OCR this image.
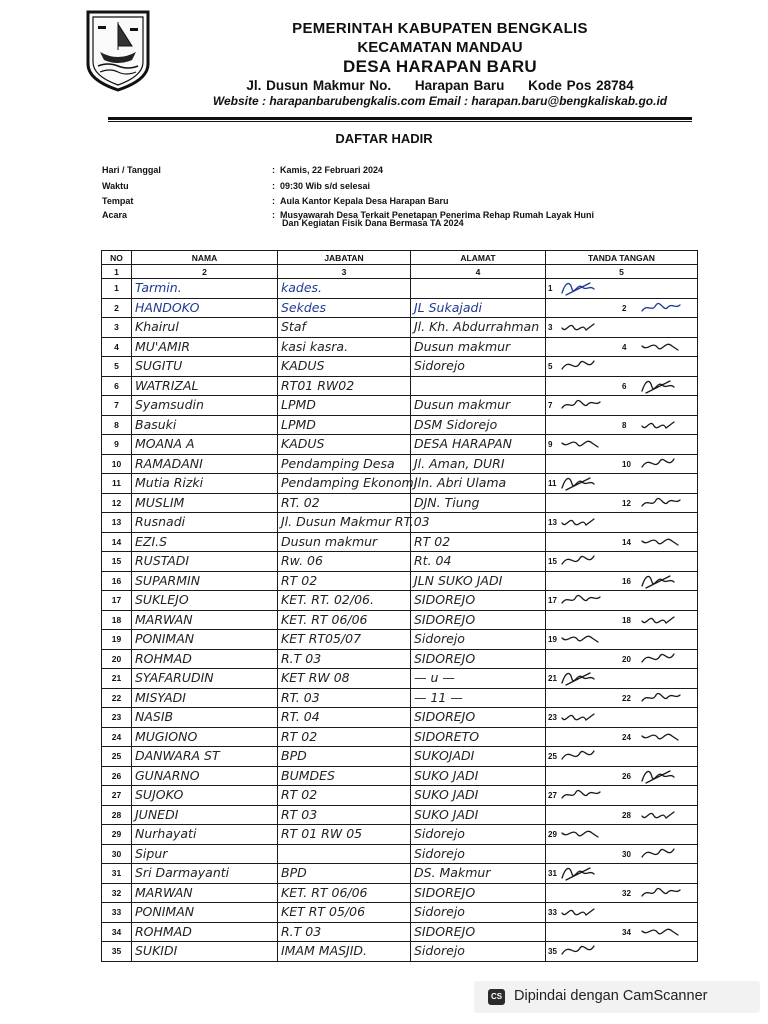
PEMERINTAH KABUPATEN BENGKALIS
KECAMATAN MANDAU
DESA HARAPAN BARU
Jl. Dusun Makmur No.     Harapan Baru     Kode Pos 28784
Website : harapanbarubengkalis.com Email : harapan.baru@bengkaliskab.go.id
DAFTAR HADIR
Hari / Tanggal	: Kamis, 22 Februari 2024
Waktu	: 09:30 Wib s/d selesai
Tempat	: Aula Kantor Kepala Desa Harapan Baru
Acara	: Musyawarah Desa Terkait Penetapan Penerima Rehap Rumah Layak Huni
Dan Kegiatan Fisik Dana Bermasa TA 2024
NO	NAMA	JABATAN	ALAMAT	TANDA TANGAN
1	2	3	4	5
1	Tarmin.	kades.		1

2	HANDOKO	Sekdes	JL Sukajadi	2

3	Khairul	Staf	Jl. Kh. Abdurrahman	3

4	MU'AMIR	kasi kasra.	Dusun makmur	4

5	SUGITU	KADUS	Sidorejo	5

6	WATRIZAL	RT01 RW02		6

7	Syamsudin	LPMD	Dusun makmur	7

8	Basuki	LPMD	DSM Sidorejo	8

9	MOANA A	KADUS	DESA HARAPAN	9

10	RAMADANI	Pendamping Desa	Jl. Aman, DURI	10

11	Mutia Rizki	Pendamping Ekonomi	Jln. Abri Ulama	11

12	MUSLIM	RT. 02	DJN. Tiung	12

13	Rusnadi	Jl. Dusun Makmur RT.03		13

14	EZI.S	Dusun makmur	RT 02	14

15	RUSTADI	Rw. 06	Rt. 04	15

16	SUPARMIN	RT 02	JLN SUKO JADI	16

17	SUKLEJO	KET. RT. 02/06.	SIDOREJO	17

18	MARWAN	KET. RT 06/06	SIDOREJO	18

19	PONIMAN	KET RT05/07	Sidorejo	19

20	ROHMAD	R.T 03	SIDOREJO	20

21	SYAFARUDIN	KET RW 08	— u —	21

22	MISYADI	RT. 03	— 11 —	22

23	NASIB	RT. 04	SIDOREJO	23

24	MUGIONO	RT 02	SIDORETO	24

25	DANWARA ST	BPD	SUKOJADI	25

26	GUNARNO	BUMDES	SUKO JADI	26

27	SUJOKO	RT 02	SUKO JADI	27

28	JUNEDI	RT 03	SUKO JADI	28

29	Nurhayati	RT 01 RW 05	Sidorejo	29

30	Sipur		Sidorejo	30

31	Sri Darmayanti	BPD	DS. Makmur	31

32	MARWAN	KET. RT 06/06	SIDOREJO	32

33	PONIMAN	KET RT 05/06	Sidorejo	33

34	ROHMAD	R.T 03	SIDOREJO	34

35	SUKIDI	IMAM MASJID.	Sidorejo	35
CS Dipindai dengan CamScanner
